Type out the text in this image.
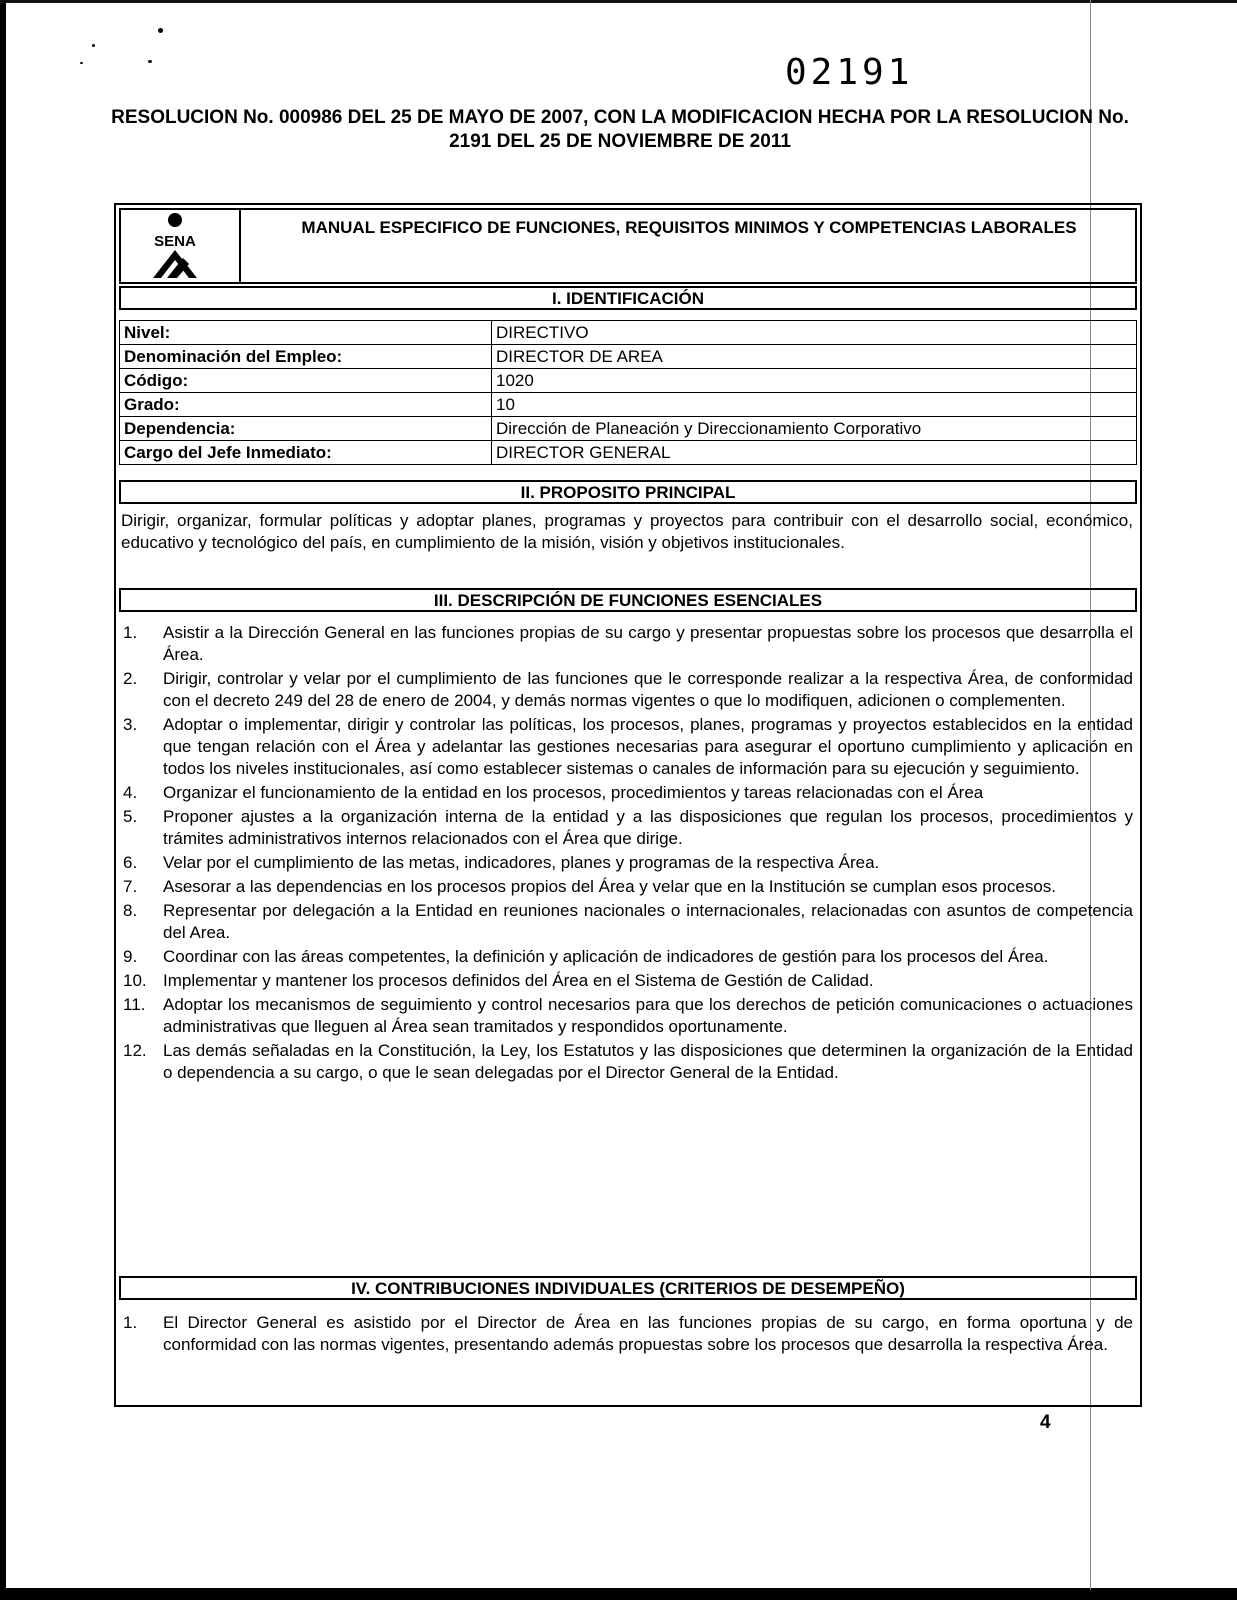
02191
RESOLUCION No. 000986 DEL 25 DE MAYO DE 2007, CON LA MODIFICACION HECHA POR LA RESOLUCION No. 2191 DEL 25 DE NOVIEMBRE DE 2011
SENA
MANUAL ESPECIFICO DE FUNCIONES, REQUISITOS MINIMOS Y COMPETENCIAS LABORALES
I. IDENTIFICACIÓN
Nivel:	DIRECTIVO
Denominación del Empleo:	DIRECTOR DE AREA
Código:	1020
Grado:	10
Dependencia:	Dirección de Planeación y Direccionamiento Corporativo
Cargo del Jefe Inmediato:	DIRECTOR GENERAL
II. PROPOSITO PRINCIPAL
Dirigir, organizar, formular políticas y adoptar planes, programas y proyectos para contribuir con el desarrollo social, económico, educativo y tecnológico del país, en cumplimiento de la misión, visión y objetivos institucionales.
III. DESCRIPCIÓN DE FUNCIONES ESENCIALES
1. Asistir a la Dirección General en las funciones propias de su cargo y presentar propuestas sobre los procesos que desarrolla el Área.
2. Dirigir, controlar y velar por el cumplimiento de las funciones que le corresponde realizar a la respectiva Área, de conformidad con el decreto 249 del 28 de enero de 2004, y demás normas vigentes o que lo modifiquen, adicionen o complementen.
3. Adoptar o implementar, dirigir y controlar las políticas, los procesos, planes, programas y proyectos establecidos en la entidad que tengan relación con el Área y adelantar las gestiones necesarias para asegurar el oportuno cumplimiento y aplicación en todos los niveles institucionales, así como establecer sistemas o canales de información para su ejecución y seguimiento.
4. Organizar el funcionamiento de la entidad en los procesos, procedimientos y tareas relacionadas con el Área
5. Proponer ajustes a la organización interna de la entidad y a las disposiciones que regulan los procesos, procedimientos y trámites administrativos internos relacionados con el Área que dirige.
6. Velar por el cumplimiento de las metas, indicadores, planes y programas de la respectiva Área.
7. Asesorar a las dependencias en los procesos propios del Área y velar que en la Institución se cumplan esos procesos.
8. Representar por delegación a la Entidad en reuniones nacionales o internacionales, relacionadas con asuntos de competencia del Area.
9. Coordinar con las áreas competentes, la definición y aplicación de indicadores de gestión para los procesos del Área.
10. Implementar y mantener los procesos definidos del Área en el Sistema de Gestión de Calidad.
11. Adoptar los mecanismos de seguimiento y control necesarios para que los derechos de petición comunicaciones o actuaciones administrativas que lleguen al Área sean tramitados y respondidos oportunamente.
12. Las demás señaladas en la Constitución, la Ley, los Estatutos y las disposiciones que determinen la organización de la Entidad o dependencia a su cargo, o que le sean delegadas por el Director General de la Entidad.
IV. CONTRIBUCIONES INDIVIDUALES (CRITERIOS DE DESEMPEÑO)
1. El Director General es asistido por el Director de Área en las funciones propias de su cargo, en forma oportuna y de conformidad con las normas vigentes, presentando además propuestas sobre los procesos que desarrolla la respectiva Área.
4
